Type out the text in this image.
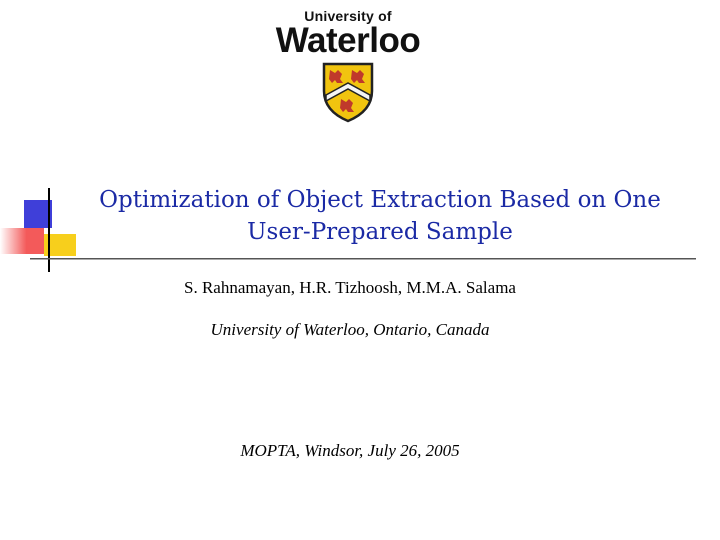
University of
Waterloo
Optimization of Object Extraction Based on One User-Prepared Sample
S. Rahnamayan, H.R. Tizhoosh, M.M.A. Salama
University of Waterloo, Ontario, Canada
MOPTA, Windsor, July 26, 2005
